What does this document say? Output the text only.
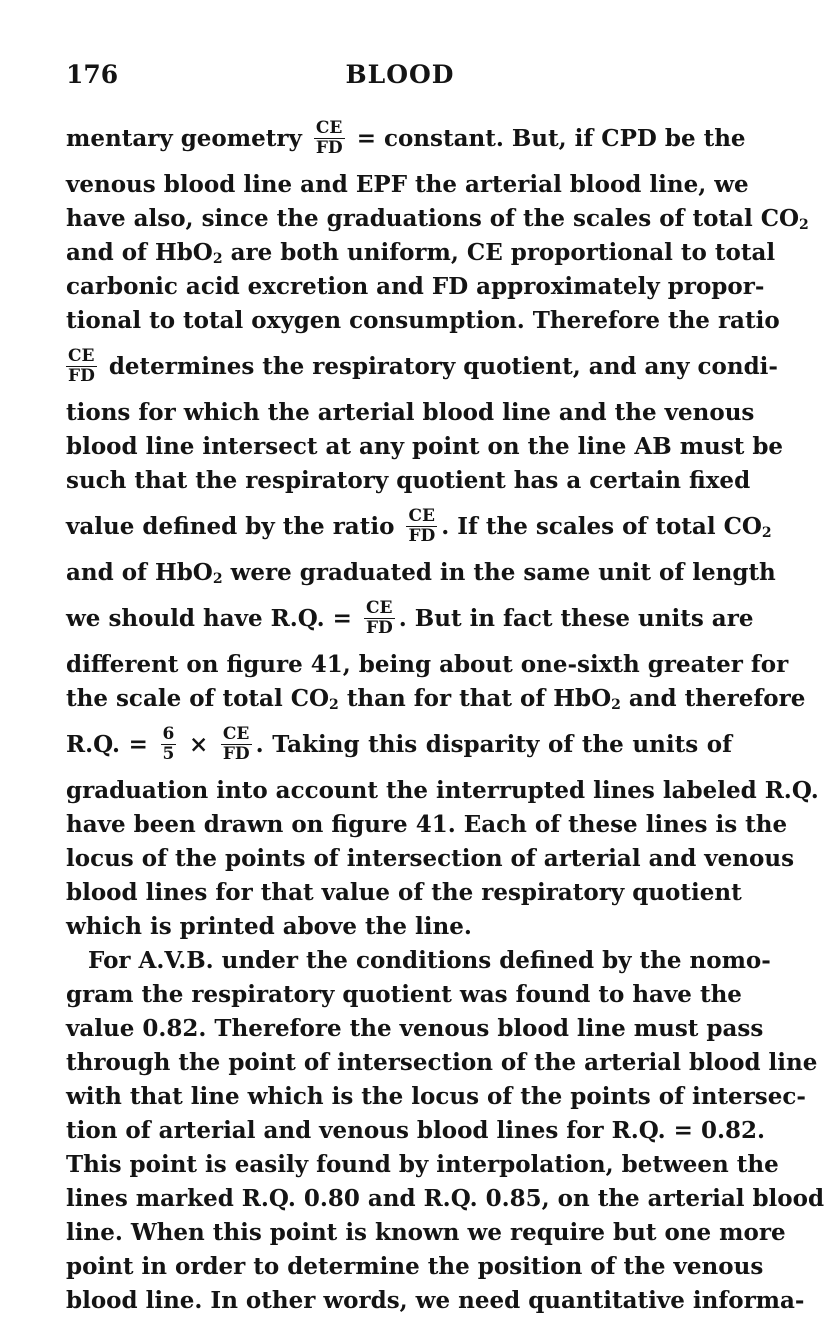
176	BLOOD
mentary geometry $\frac{CE}{FD}$ = constant. But, if CPD be the
venous blood line and EPF the arterial blood line, we
have also, since the graduations of the scales of total $CO_2$
and of HbO$_2$ are both uniform, CE proportional to total
carbonic acid excretion and FD approximately propor-
tional to total oxygen consumption. Therefore the ratio
$\frac{CE}{FD}$ determines the respiratory quotient, and any condi-
tions for which the arterial blood line and the venous
blood line intersect at any point on the line AB must be
such that the respiratory quotient has a certain fixed
value defined by the ratio $\frac{CE}{FD}$ . If the scales of total $CO_2$
and of HbO$_2$ were graduated in the same unit of length
we should have R.Q. = $\frac{CE}{FD}$ . But in fact these units are
different on figure 41, being about one-sixth greater for
the scale of total $CO_2$ than for that of HbO$_2$ and therefore
R.Q. = $\frac{6}{5} \times \frac{CE}{FD}$ . Taking this disparity of the units of
graduation into account the interrupted lines labeled R.Q.
have been drawn on figure 41. Each of these lines is the
locus of the points of intersection of arterial and venous
blood lines for that value of the respiratory quotient
which is printed above the line.
For A.V.B. under the conditions defined by the nomo-
gram the respiratory quotient was found to have the
value 0.82. Therefore the venous blood line must pass
through the point of intersection of the arterial blood line
with that line which is the locus of the points of intersec-
tion of arterial and venous blood lines for R.Q. = 0.82.
This point is easily found by interpolation, between the
lines marked R.Q. 0.80 and R.Q. 0.85, on the arterial blood
line. When this point is known we require but one more
point in order to determine the position of the venous
blood line. In other words, we need quantitative informa-
